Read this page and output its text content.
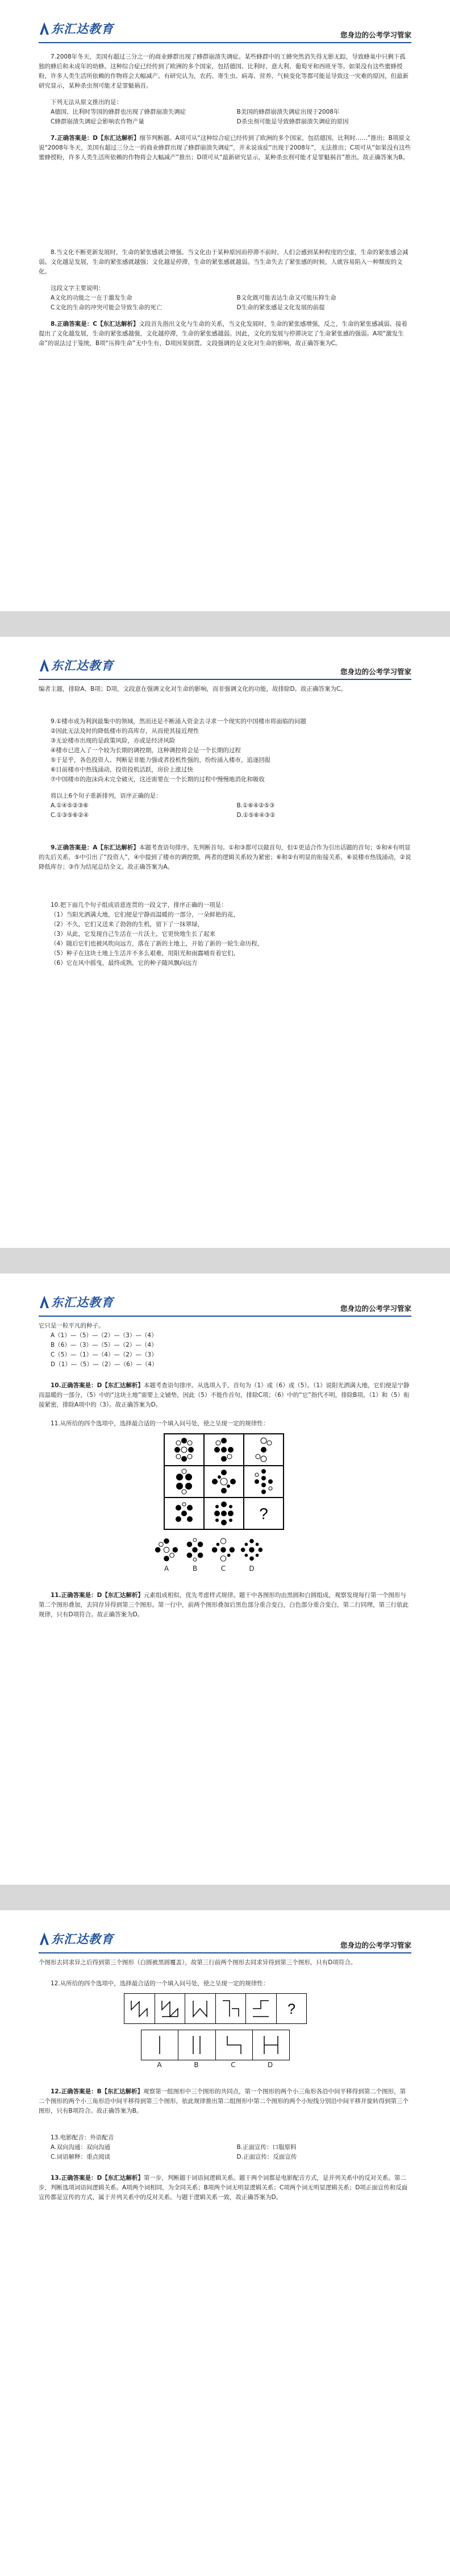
东汇达教育	您身边的公考学习管家

7.2008年冬天，美国有超过三分之一的商业蜂群出现了蜂群崩溃失调症。某些蜂群中的工蜂突然消失得无影无踪，导致蜂巢中只剩下孤独的蜂后和未成年的幼蜂。这种综合症已经传到了欧洲的多个国家，包括德国、比利时、意大利、葡萄牙和西班牙等。如果没有这些蜜蜂授粉，许多人类生活所依赖的作物将会大幅减产。有研究认为，农药、寄生虫、病毒、营养、气候变化等都可能是导致这一灾难的原因，但最新研究显示，某种杀虫剂可能才是罪魁祸首。

下列无法从原文推出的是：

A德国、比利时等国的蜂群也出现了蜂群崩溃失调症	B美国的蜂群崩溃失调症出现于2008年
C蜂群崩溃失调症会影响农作物产量	D杀虫剂可能是导致蜂群崩溃失调症的原因

7.正确答案是：D【东汇达解析】细节判断题。A项可从“这种综合症已经传到了欧洲的多个国家，包括德国、比利时……”推出；B项原文说“2008年冬天，美国有超过三分之一的商业蜂群出现了蜂群崩溃失调症”，并未说该症“出现于2008年”，无法推出；C项可从“如果没有这些蜜蜂授粉，许多人类生活所依赖的作物将会大幅减产”推出；D项可从“最新研究显示，某种杀虫剂可能才是罪魁祸首”推出。故正确答案为B。

8.当文化不断更新发展时，生命的紧张感就会增强。当文化由于某种原因而停滞不前时，人们会感到某种程度的空虚，生命的紧张感会减弱。文化越是发展，生命的紧张感就越强；文化越是停滞，生命的紧张感就越弱。当生命失去了紧张感的时候，人就容易陷入一种颓废的文化。

这段文字主要说明：

A文化的功能之一在于激发生命	B文化既可能表达生命又可能压抑生命
C文化的生命的冲突可能会导致生命的死亡	D生命的紧张感是文化发展的前提

8.正确答案是：C【东汇达解析】文段首先指出文化与生命的关系，当文化发展时，生命的紧张感增强，反之，生命的紧张感减弱。接着提出了文化越发展，生命的紧张感越强，文化越停滞，生命的紧张感越弱。因此，文化的发展与停滞决定了生命紧张感的强弱。A项“激发生命”的说法过于笼统，B项“压抑生命”无中生有，D项因果倒置。文段强调的是文化对生命的影响，故正确答案为C。

东汇达教育	您身边的公考学习管家

编者主题，排除A、B项；D项，文段意在强调文化对生命的影响，而非强调文化的功能，故排除D。故正确答案为C。

9.①楼市成为利润最集中的领域，然而还是不断涌入资金去寻求一个现实的中国楼市将面临的问题

②因此无法及时的降低楼市的高库存，从而使其接近理性

③无论楼市出现的是政策风险，亦或是经济风险

④楼市已进入了一个较为长期的调控期，这种调控将会是一个长期的过程

⑤于是乎，各色投资人、判断是非能力强或者投机性强的，纷纷涌入楼市，追逐回报

⑥目前楼市中热钱涌动，投资投机活跃，房价上涨过快

⑦中国楼市的泡沫尚未完全破灭，这还需要在一个长期的过程中慢慢地消化和吸收

将以上6个句子重新排列，语序正确的是：

A.①④⑤②③⑥	B.①⑥④②⑤③
C.①③⑤⑥②④	D.①⑤⑥④③②

9.正确答案是：A【东汇达解析】本题考查语句排序。先判断首句。①和③都可以做首句，但①更适合作为引出话题的首句；⑤和④有明显的先后关系，⑤中引出了“投资人”，④中提到了楼市的调控期，两者的逻辑关系较为紧密；⑥和②有明显的衔接关系，⑥说楼市热钱涌动，②说降低库存；③作为结尾总结全文。故正确答案为A。

10.把下面几个句子组成语意连贯的一段文字，排序正确的一项是：

（1）当阳光洒满大地，它们便是宁静而温暖的一部分，一朵鲜艳的花，

（2）不久，它们又送来了勃勃的生机，留下了一抹翠绿，

（3）从此，它发现自己生活在一片沃土，它更快地生长了起来

（4）随后它们也被风吹向远方，落在了新的土地上，开始了新的一轮生命历程，

（5）种子在这块土地上生活并不多么艰难，用阳光和雨露哺育着它们，

（6）它在风中摇曳，最终成熟，它的种子随风飘向远方

东汇达教育	您身边的公考学习管家

它只是一粒平凡的种子。

A（1）—（5）—（2）—（3）—（4）

B（6）—（3）—（5）—（2）—（4）

C（5）—（1）—（4）—（2）—（3）

D（1）—（5）—（2）—（6）—（4）

10.正确答案是：D【东汇达解析】本题考查语句排序。从选项入手，首句为（1）或（6）或（5）。（1）说阳光洒满大地，它们便是宁静而温暖的一部分，（5）中的“这块土地”需要上文铺垫，因此（5）不能作首句，排除C项；（6）中的“它”指代不明，排除B项。（1）和（5）衔接紧密，排除A项中的（3）。故正确答案为D。

11.从所给的四个选项中，选择最合适的一个填入问号处，使之呈现一定的规律性：

?
A	B	C	D

11.正确答案是：D【东汇达解析】元素组成相似，优先考虑样式规律。题干中各图形均由黑圆和白圆组成，观察发现每行第一个图形与第二个图形叠加，去同存异得到第三个图形。第一行中，前两个图形叠加后黑色部分重合变白，白色部分重合变白，第二行同理，第三行依此规律，只有D项符合。故正确答案为D。

东汇达教育	您身边的公考学习管家

个图形去同求异之后得到第三个图形（白圆被黑圆覆盖），故第三行前两个图形去同求异得到第三个图形，只有D项符合。

12.从所给的四个选项中，选择最合适的一个填入问号处，使之呈现一定的规律性：

?
A	B	C	D

12.正确答案是：B【东汇达解析】观察第一组图形中三个图形的共同点，第一个图形的两个小三角形各沿中间平移得到第二个图形，第二个图形的两个小三角形沿中间平移得到第三个图形，依此规律推出第二组图形中第二个图形的两个小短线分别沿中间平移并旋转得到第三个图形，只有B项符合。故正确答案为B。

13.电影配音：外语配音

A.双向沟通：双向沟通	B.正面宣传：口服原料
C.词语解释：重点阅读	D.正面宣传：反面宣传

13.正确答案是：D【东汇达解析】第一步，判断题干词语间逻辑关系。题干两个词都是电影配音方式，是并列关系中的反对关系。第二步，判断选项词语间逻辑关系。A项两个词相同，为全同关系；B项两个词无明显逻辑关系；C项两个词无明显逻辑关系；D项正面宣传和反面宣传都是宣传的方式，属于并列关系中的反对关系。与题干逻辑关系一致，故正确答案为D。
